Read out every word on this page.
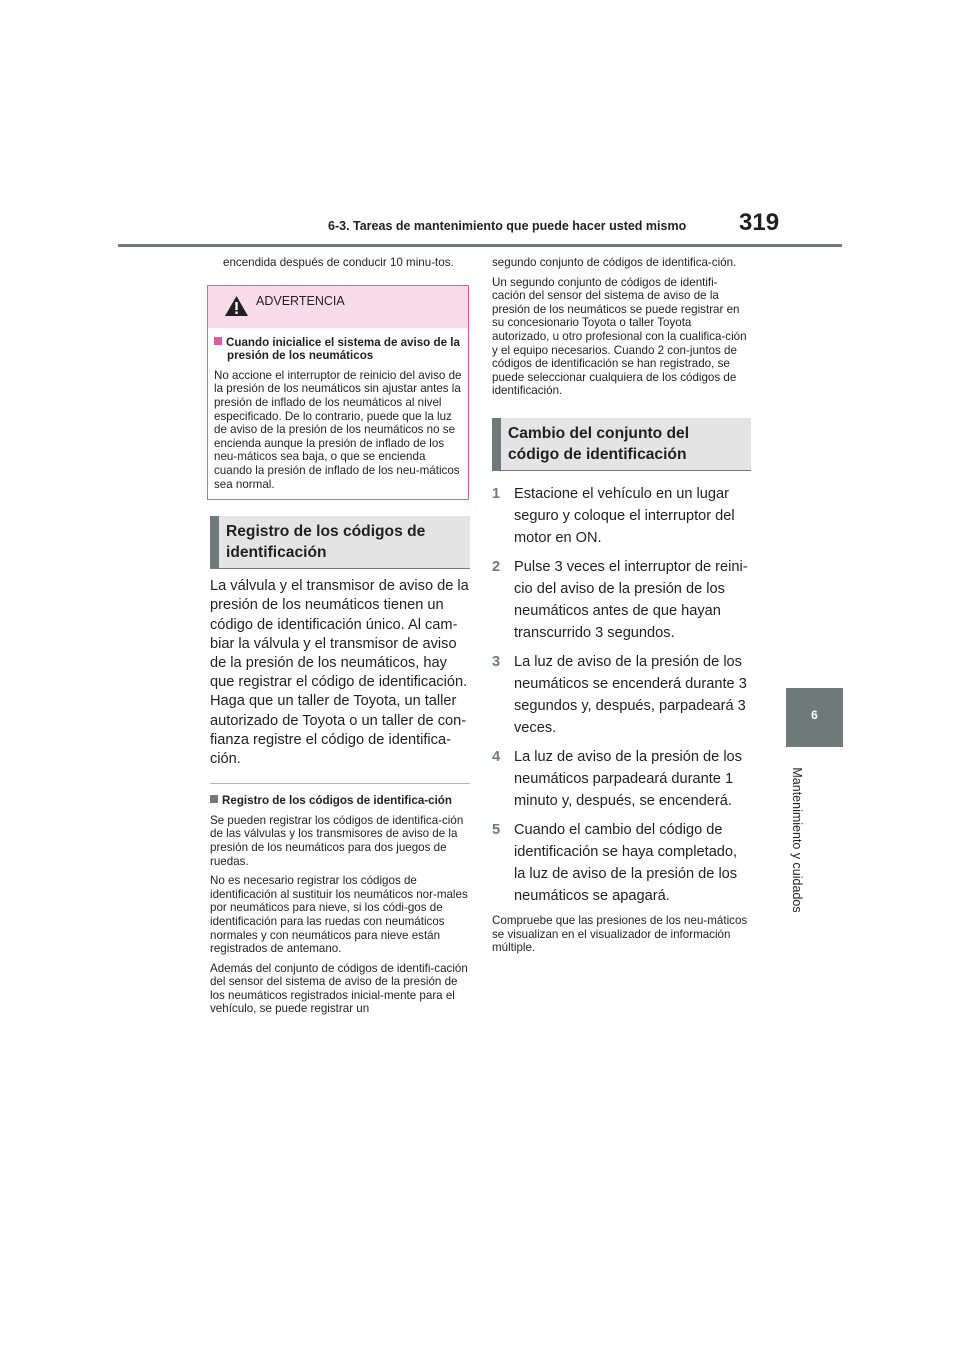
6-3. Tareas de mantenimiento que puede hacer usted mismo 319
6
Mantenimiento y cuidados

encendida después de conducir 10 minu-tos.

ADVERTENCIA

Cuando inicialice el sistema de aviso de la presión de los neumáticos

No accione el interruptor de reinicio del aviso de la presión de los neumáticos sin ajustar antes la presión de inflado de los neumáticos al nivel especificado. De lo contrario, puede que la luz de aviso de la presión de los neumáticos no se encienda aunque la presión de inflado de los neu-máticos sea baja, o que se encienda cuando la presión de inflado de los neu-máticos sea normal.

Registro de los códigos de identificación

La válvula y el transmisor de aviso de la presión de los neumáticos tienen un código de identificación único. Al cam-biar la válvula y el transmisor de aviso de la presión de los neumáticos, hay que registrar el código de identificación. Haga que un taller de Toyota, un taller autorizado de Toyota o un taller de con-fianza registre el código de identifica-ción.

Registro de los códigos de identifica-ción

Se pueden registrar los códigos de identifica-ción de las válvulas y los transmisores de aviso de la presión de los neumáticos para dos juegos de ruedas.

No es necesario registrar los códigos de identificación al sustituir los neumáticos nor-males por neumáticos para nieve, si los códi-gos de identificación para las ruedas con neumáticos normales y con neumáticos para nieve están registrados de antemano.

Además del conjunto de códigos de identifi-cación del sensor del sistema de aviso de la presión de los neumáticos registrados inicial-mente para el vehículo, se puede registrar un

segundo conjunto de códigos de identifica-ción.

Un segundo conjunto de códigos de identifi-cación del sensor del sistema de aviso de la presión de los neumáticos se puede registrar en su concesionario Toyota o taller Toyota autorizado, u otro profesional con la cualifica-ción y el equipo necesarios. Cuando 2 con-juntos de códigos de identificación se han registrado, se puede seleccionar cualquiera de los códigos de identificación.

Cambio del conjunto del código de identificación
1 Estacione el vehículo en un lugar seguro y coloque el interruptor del motor en ON.
2 Pulse 3 veces el interruptor de reini-cio del aviso de la presión de los neumáticos antes de que hayan transcurrido 3 segundos.
3 La luz de aviso de la presión de los neumáticos se encenderá durante 3 segundos y, después, parpadeará 3 veces.
4 La luz de aviso de la presión de los neumáticos parpadeará durante 1 minuto y, después, se encenderá.
5 Cuando el cambio del código de identificación se haya completado, la luz de aviso de la presión de los neumáticos se apagará.

Compruebe que las presiones de los neu-máticos se visualizan en el visualizador de información múltiple.
